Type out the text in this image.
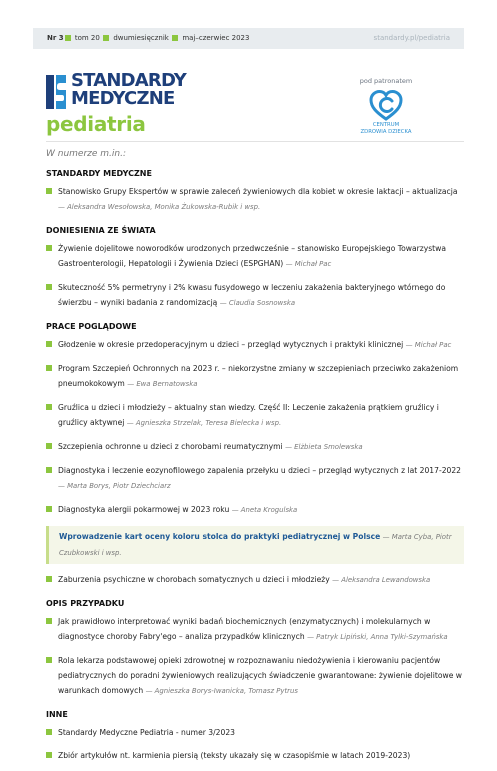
Nr 3 tom 20 dwumiesięcznik maj–czerwiec 2023	standardy.pl/pediatria
STANDARDY
MEDYCZNE
pediatria
pod patronatem
CENTRUM
ZDROWIA DZIECKA
W numerze m.in.:
STANDARDY MEDYCZNE
Stanowisko Grupy Ekspertów w sprawie zaleceń żywieniowych dla kobiet w okresie laktacji – aktualizacja
— Aleksandra Wesołowska, Monika Żukowska-Rubik i wsp.
DONIESIENIA ZE ŚWIATA
Żywienie dojelitowe noworodków urodzonych przedwcześnie – stanowisko Europejskiego Towarzystwa Gastroenterologii, Hepatologii i Żywienia Dzieci (ESPGHAN) — Michał Pac
Skuteczność 5% permetryny i 2% kwasu fusydowego w leczeniu zakażenia bakteryjnego wtórnego do świerzbu – wyniki badania z randomizacją — Claudia Sosnowska
PRACE POGLĄDOWE
Głodzenie w okresie przedoperacyjnym u dzieci – przegląd wytycznych i praktyki klinicznej — Michał Pac
Program Szczepień Ochronnych na 2023 r. – niekorzystne zmiany w szczepieniach przeciwko zakażeniom pneumokokowym — Ewa Bernatowska
Gruźlica u dzieci i młodzieży – aktualny stan wiedzy. Część II: Leczenie zakażenia prątkiem gruźlicy i gruźlicy aktywnej — Agnieszka Strzelak, Teresa Bielecka i wsp.
Szczepienia ochronne u dzieci z chorobami reumatycznymi — Elżbieta Smolewska
Diagnostyka i leczenie eozynofilowego zapalenia przełyku u dzieci – przegląd wytycznych z lat 2017-2022 — Marta Borys, Piotr Dziechciarz
Diagnostyka alergii pokarmowej w 2023 roku — Aneta Krogulska
Wprowadzenie kart oceny koloru stolca do praktyki pediatrycznej w Polsce — Marta Cyba, Piotr Czubkowski i wsp.
Zaburzenia psychiczne w chorobach somatycznych u dzieci i młodzieży — Aleksandra Lewandowska
OPIS PRZYPADKU
Jak prawidłowo interpretować wyniki badań biochemicznych (enzymatycznych) i molekularnych w diagnostyce choroby Fabry'ego – analiza przypadków klinicznych — Patryk Lipiński, Anna Tylki-Szymańska
Rola lekarza podstawowej opieki zdrowotnej w rozpoznawaniu niedożywienia i kierowaniu pacjentów pediatrycznych do poradni żywieniowych realizujących świadczenie gwarantowane: żywienie dojelitowe w warunkach domowych — Agnieszka Borys-Iwanicka, Tomasz Pytrus
INNE
Standardy Medyczne Pediatria - numer 3/2023
Zbiór artykułów nt. karmienia piersią (teksty ukazały się w czasopiśmie w latach 2019-2023)
